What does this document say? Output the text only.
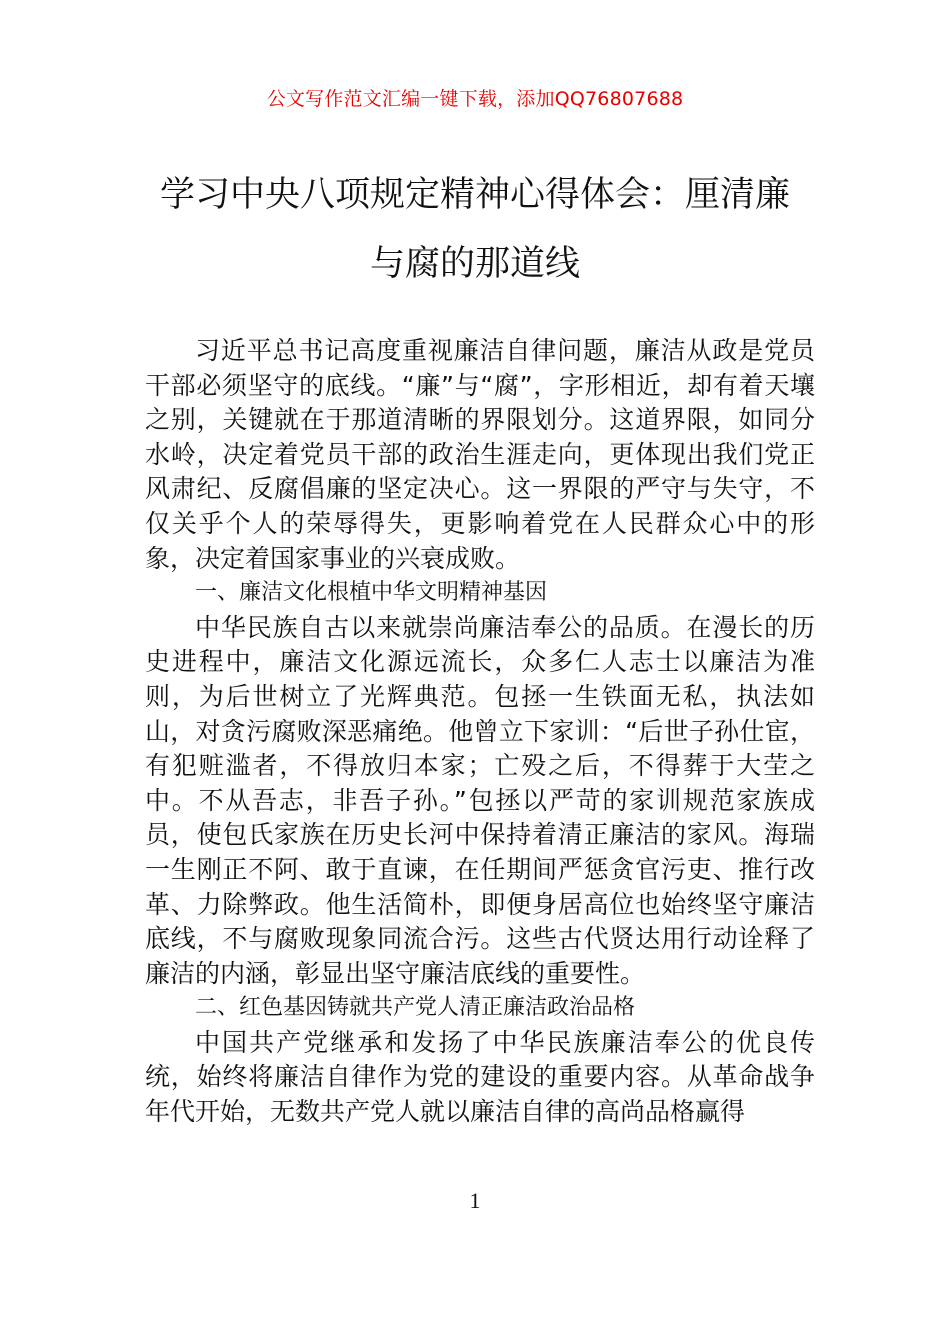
公文写作范文汇编一键下载，添加QQ76807688
学习中央八项规定精神心得体会：厘清廉
与腐的那道线

习近平总书记高度重视廉洁自律问题，廉洁从政是党员干部必须坚守的底线。“廉”与“腐”，字形相近，却有着天壤之别，关键就在于那道清晰的界限划分。这道界限，如同分水岭，决定着党员干部的政治生涯走向，更体现出我们党正风肃纪、反腐倡廉的坚定决心。这一界限的严守与失守，不仅关乎个人的荣辱得失，更影响着党在人民群众心中的形象，决定着国家事业的兴衰成败。

一、廉洁文化根植中华文明精神基因

中华民族自古以来就崇尚廉洁奉公的品质。在漫长的历史进程中，廉洁文化源远流长，众多仁人志士以廉洁为准则，为后世树立了光辉典范。包拯一生铁面无私，执法如山，对贪污腐败深恶痛绝。他曾立下家训：“后世子孙仕宦，有犯赃滥者，不得放归本家；亡殁之后，不得葬于大茔之中。不从吾志，非吾子孙。”包拯以严苛的家训规范家族成员，使包氏家族在历史长河中保持着清正廉洁的家风。海瑞一生刚正不阿、敢于直谏，在任期间严惩贪官污吏、推行改革、力除弊政。他生活简朴，即便身居高位也始终坚守廉洁底线，不与腐败现象同流合污。这些古代贤达用行动诠释了廉洁的内涵，彰显出坚守廉洁底线的重要性。

二、红色基因铸就共产党人清正廉洁政治品格

中国共产党继承和发扬了中华民族廉洁奉公的优良传统，始终将廉洁自律作为党的建设的重要内容。从革命战争年代开始，无数共产党人就以廉洁自律的高尚品格赢得

1
